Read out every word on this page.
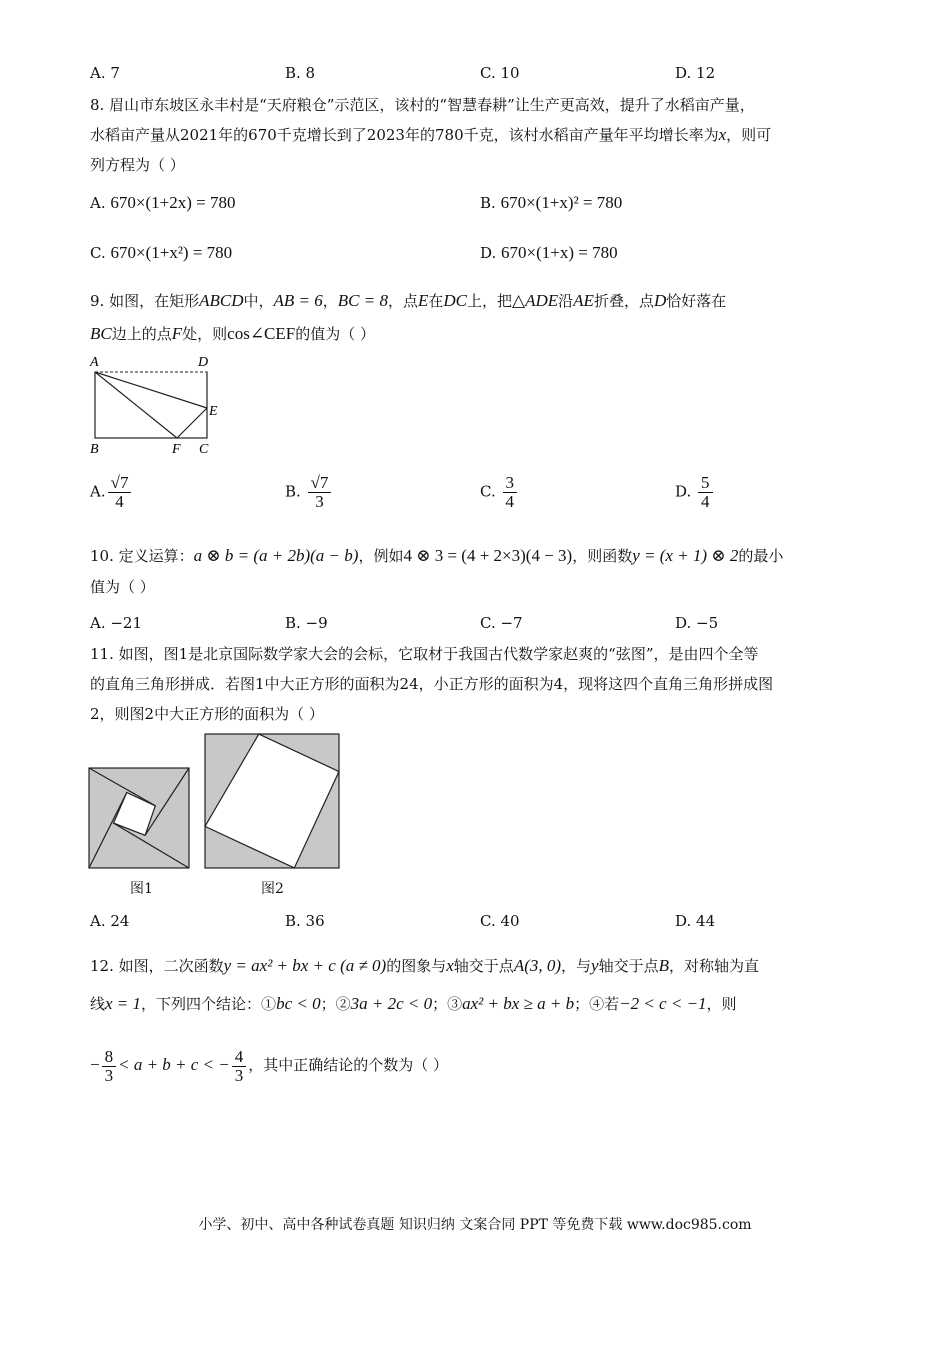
A. 7	B. 8	C. 10	D. 12
8. 眉山市东坡区永丰村是“天府粮仓”示范区，该村的“智慧春耕”让生产更高效，提升了水稻亩产量，
水稻亩产量从2021年的670千克增长到了2023年的780千克，该村水稻亩产量年平均增长率为x，则可
列方程为（ ）
A. 670×(1+2x) = 780	B. 670×(1+x)² = 780
C. 670×(1+x²) = 780	D. 670×(1+x) = 780
9. 如图，在矩形ABCD中，AB = 6，BC = 8，点E在DC上，把△ADE沿AE折叠，点D恰好落在
BC边上的点F处，则cos∠CEF的值为（ ）
A	D
E
B	F C
A. $\frac{√7}{4}$	B. $\frac{√7}{3}$	C. $\frac{3}{4}$	D. $\frac{5}{4}$
10. 定义运算：a ⊗ b = (a + 2b)(a − b)，例如4 ⊗ 3 = (4 + 2×3)(4 − 3)，则函数y = (x + 1) ⊗ 2的最小
值为（ ）
A. −21	B. −9	C. −7	D. −5
11. 如图，图1是北京国际数学家大会的会标，它取材于我国古代数学家赵爽的“弦图”，是由四个全等
的直角三角形拼成．若图1中大正方形的面积为24，小正方形的面积为4，现将这四个直角三角形拼成图
2，则图2中大正方形的面积为（ ）
图1	图2
A. 24	B. 36	C. 40	D. 44
12. 如图，二次函数y = ax² + bx + c (a ≠ 0)的图象与x轴交于点A(3, 0)，与y轴交于点B，对称轴为直
线x = 1，下列四个结论：①bc < 0；②3a + 2c < 0；③ax² + bx ≥ a + b；④若−2 < c < −1，则
− $\frac{8}{3} < a + b + c$ < − $\frac{4}{3}$ ，其中正确结论的个数为（ ）
小学、初中、高中各种试卷真题 知识归纳 文案合同 PPT 等免费下载 www.doc985.com
